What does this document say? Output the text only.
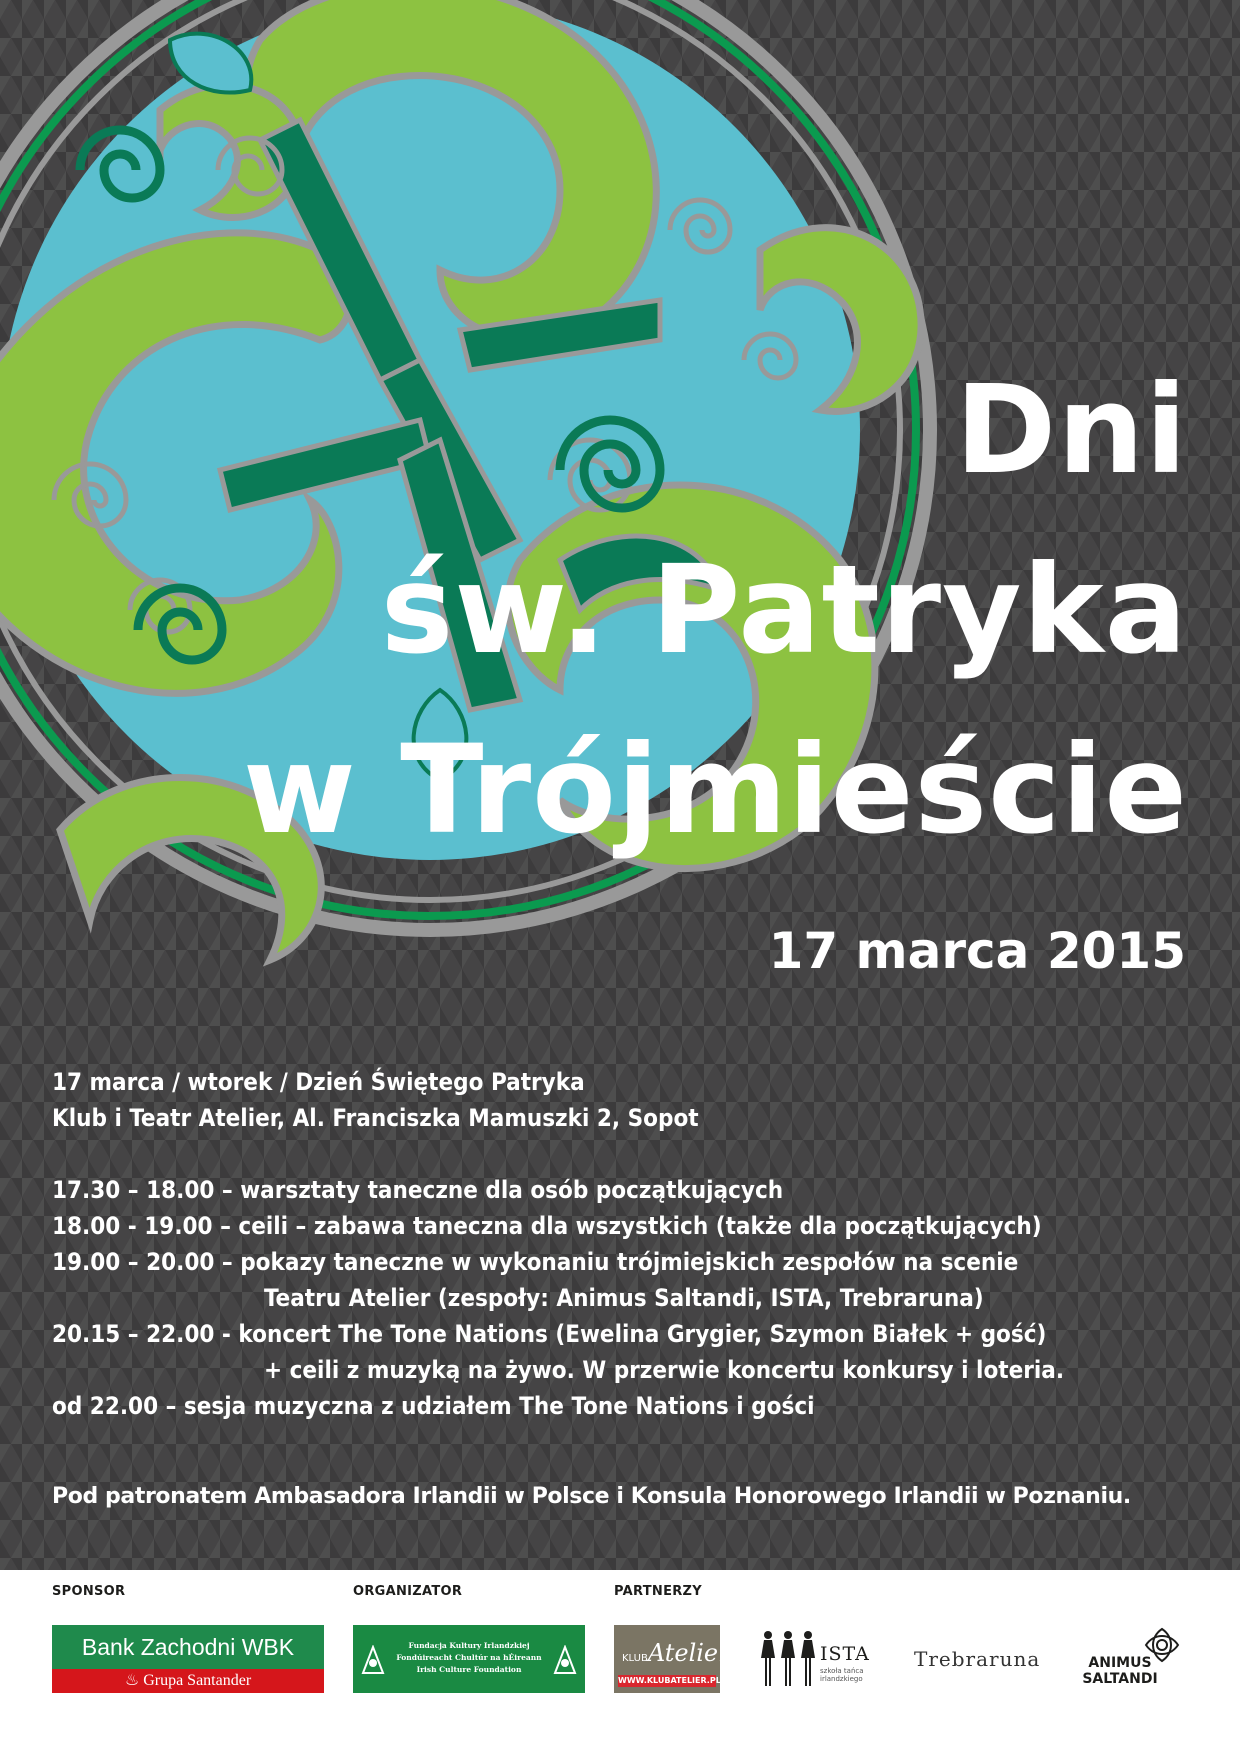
Dni
św. Patryka
w Trójmieście
17 marca 2015
17 marca / wtorek / Dzień Świętego Patryka
Klub i Teatr Atelier, Al. Franciszka Mamuszki 2, Sopot
17.30 – 18.00 – warsztaty taneczne dla osób początkujących
18.00 - 19.00 – ceili – zabawa taneczna dla wszystkich (także dla początkujących)
19.00 – 20.00 – pokazy taneczne w wykonaniu trójmiejskich zespołów na scenie
Teatru Atelier (zespoły: Animus Saltandi, ISTA, Trebraruna)
20.15 – 22.00 - koncert The Tone Nations (Ewelina Grygier, Szymon Białek + gość)
+ ceili z muzyką na żywo. W przerwie koncertu konkursy i loteria.
od 22.00 – sesja muzyczna z udziałem The Tone Nations i gości
Pod patronatem Ambasadora Irlandii w Polsce i Konsula Honorowego Irlandii w Poznaniu.
SPONSOR	ORGANIZATOR	PARTNERZY
Bank Zachodni WBK
♨ Grupa Santander
Fundacja Kultury Irlandzkiej
Fondúireacht Chultúr na hÉireann
Irish Culture Foundation
KLUBAtelier
WWW.KLUBATELIER.PL
ISTA
szkoła tańca irlandzkiego
Trebraruna	ANIMUS
SALTANDI
